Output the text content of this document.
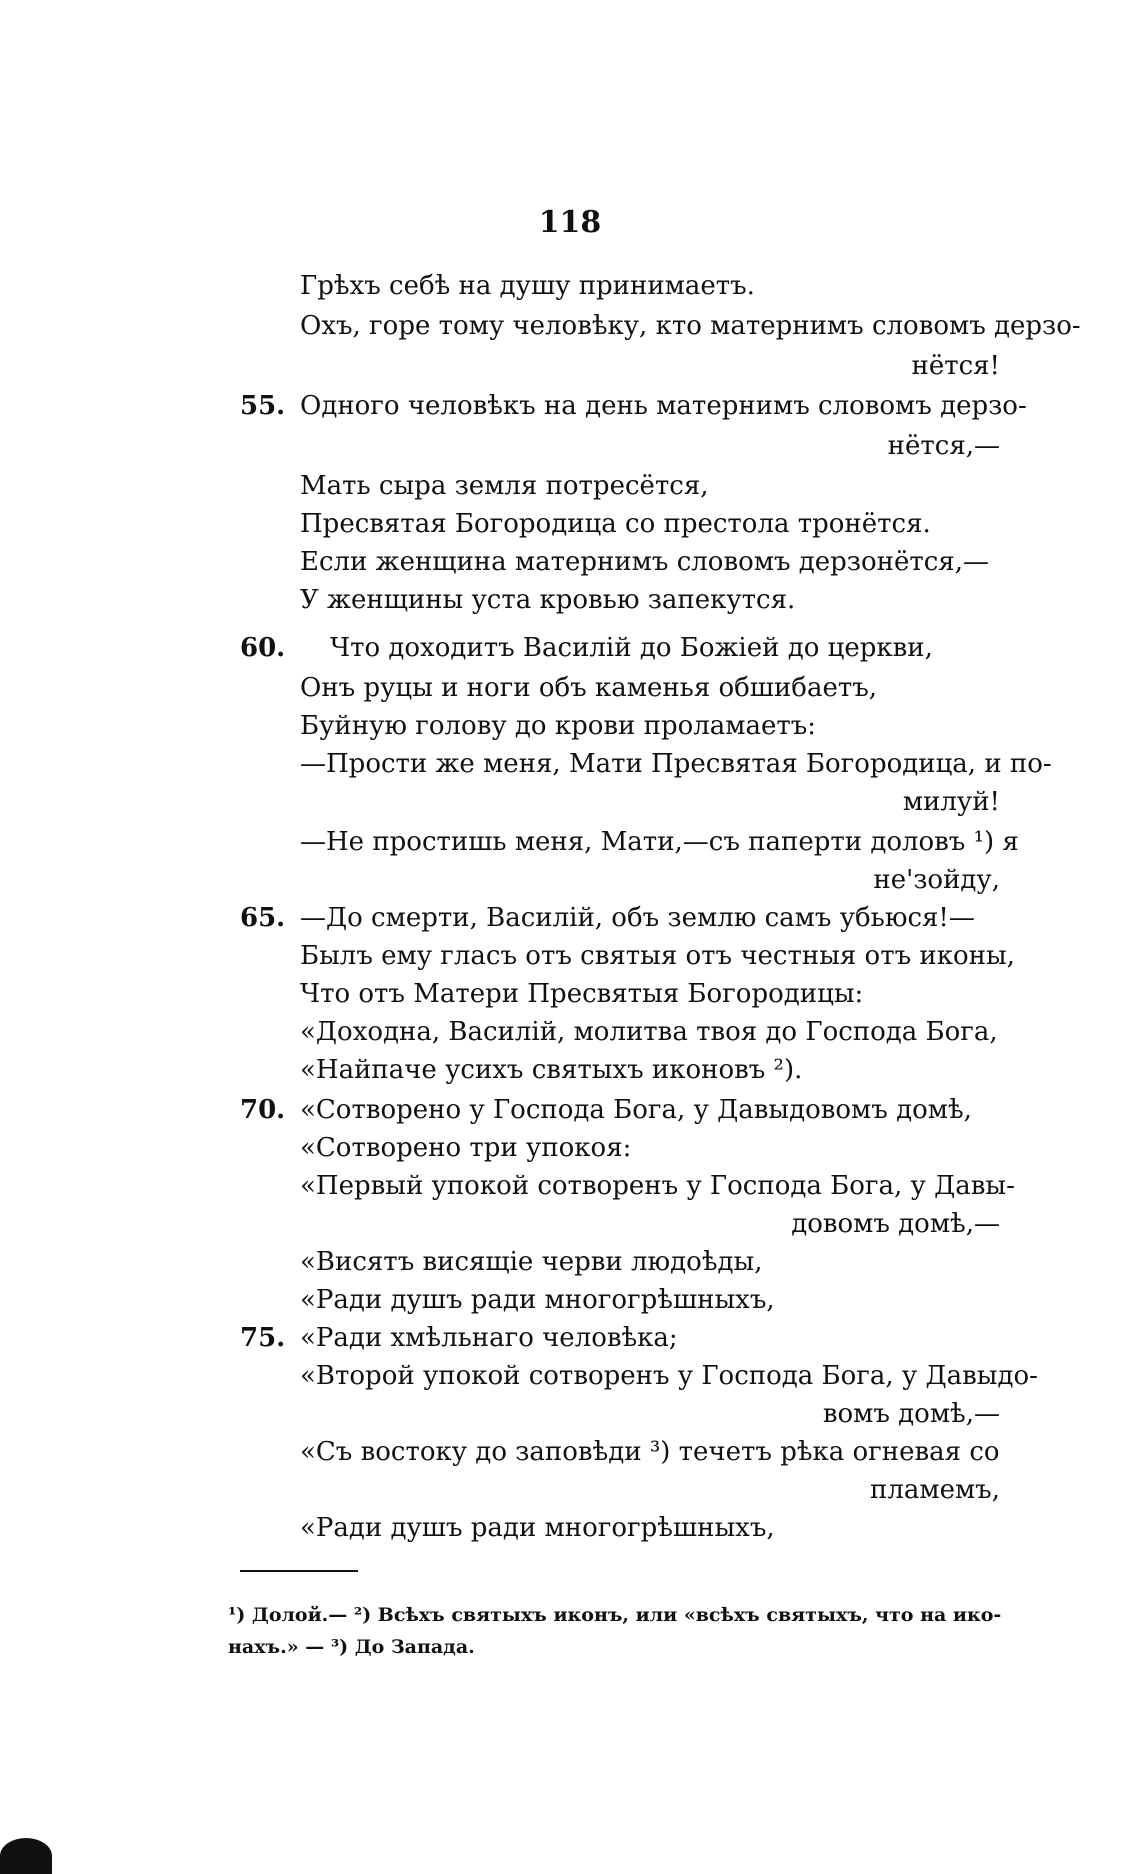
118
Грѣхъ себѣ на душу принимаетъ.
Охъ, горе тому человѣку, кто матернимъ словомъ дерзо-
нётся!
55. Одного человѣкъ на день матернимъ словомъ дерзо-
нётся,—
Мать сыра земля потресётся,
Пресвятая Богородица со престола тронётся.
Если женщина матернимъ словомъ дерзонётся,—
У женщины уста кровью запекутся.
60. Что доходитъ Василій до Божіей до церкви,
Онъ руцы и ноги объ каменья обшибаетъ,
Буйную голову до крови проламаетъ:
—Прости же меня, Мати Пресвятая Богородица, и по-
милуй!
—Не простишь меня, Мати,—съ паперти доловъ ¹) я
не'зойду,
65. —До смерти, Василій, объ землю самъ убьюся!—
Былъ ему гласъ отъ святыя отъ честныя отъ иконы,
Что отъ Матери Пресвятыя Богородицы:
«Доходна, Василій, молитва твоя до Господа Бога,
«Найпаче усихъ святыхъ иконовъ ²).
70. «Сотворено у Господа Бога, у Давыдовомъ домѣ,
«Сотворено три упокоя:
«Первый упокой сотворенъ у Господа Бога, у Давы-
довомъ домѣ,—
«Висятъ висящіе черви людоѣды,
«Ради душъ ради многогрѣшныхъ,
75. «Ради хмѣльнаго человѣка;
«Второй упокой сотворенъ у Господа Бога, у Давыдо-
вомъ домѣ,—
«Съ востоку до заповѣди ³) течетъ рѣка огневая со
пламемъ,
«Ради душъ ради многогрѣшныхъ,
¹) Долой.— ²) Всѣхъ святыхъ иконъ, или «всѣхъ святыхъ, что на ико-
нахъ.» — ³) До Запада.
